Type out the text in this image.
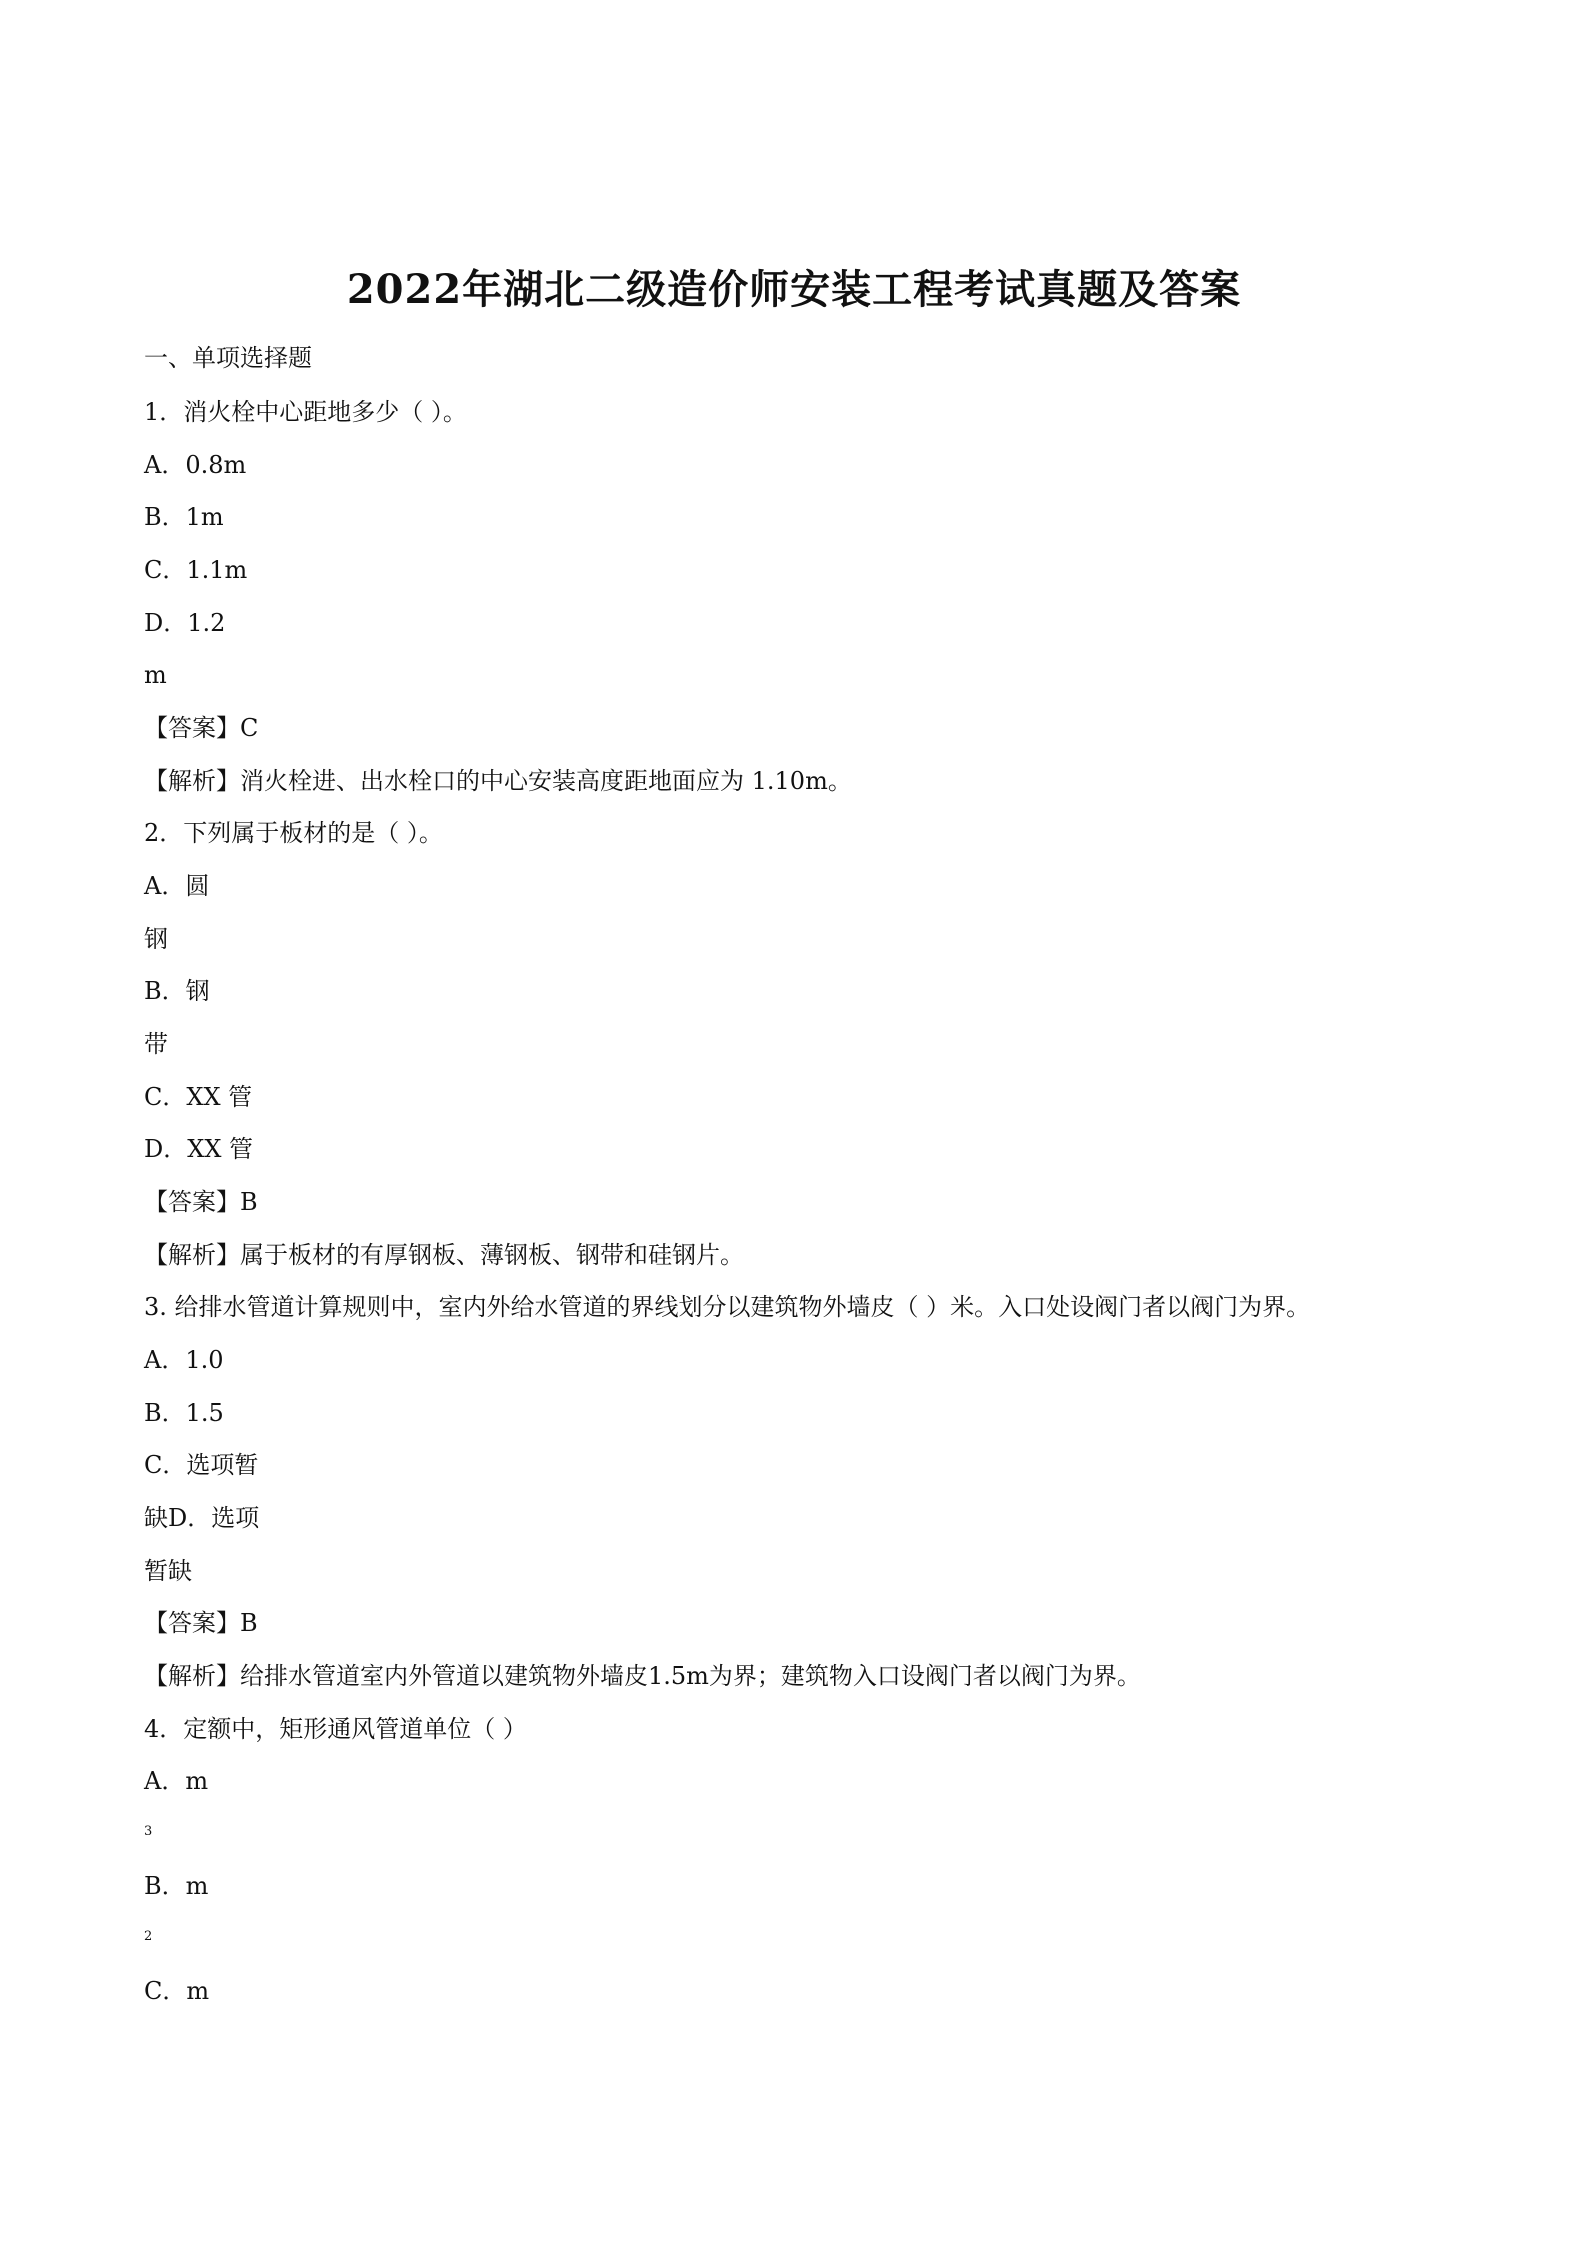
2022年湖北二级造价师安装工程考试真题及答案

一、单项选择题

1．消火栓中心距地多少（ ）。

A．0.8m

B．1m

C．1.1m

D．1.2

m

【答案】C

【解析】消火栓进、出水栓口的中心安装高度距地面应为 1.10m。

2．下列属于板材的是（ ）。

A．圆

钢

B．钢

带

C．XX 管

D．XX 管

【答案】B

【解析】属于板材的有厚钢板、薄钢板、钢带和硅钢片。

3. 给排水管道计算规则中，室内外给水管道的界线划分以建筑物外墙皮（ ）米。入口处设阀门者以阀门为界。

A．1.0

B．1.5

C．选项暂

缺D．选项

暂缺

【答案】B

【解析】给排水管道室内外管道以建筑物外墙皮1.5m为界；建筑物入口设阀门者以阀门为界。

4．定额中，矩形通风管道单位（ ）

A．m

3

B．m

2

C．m
